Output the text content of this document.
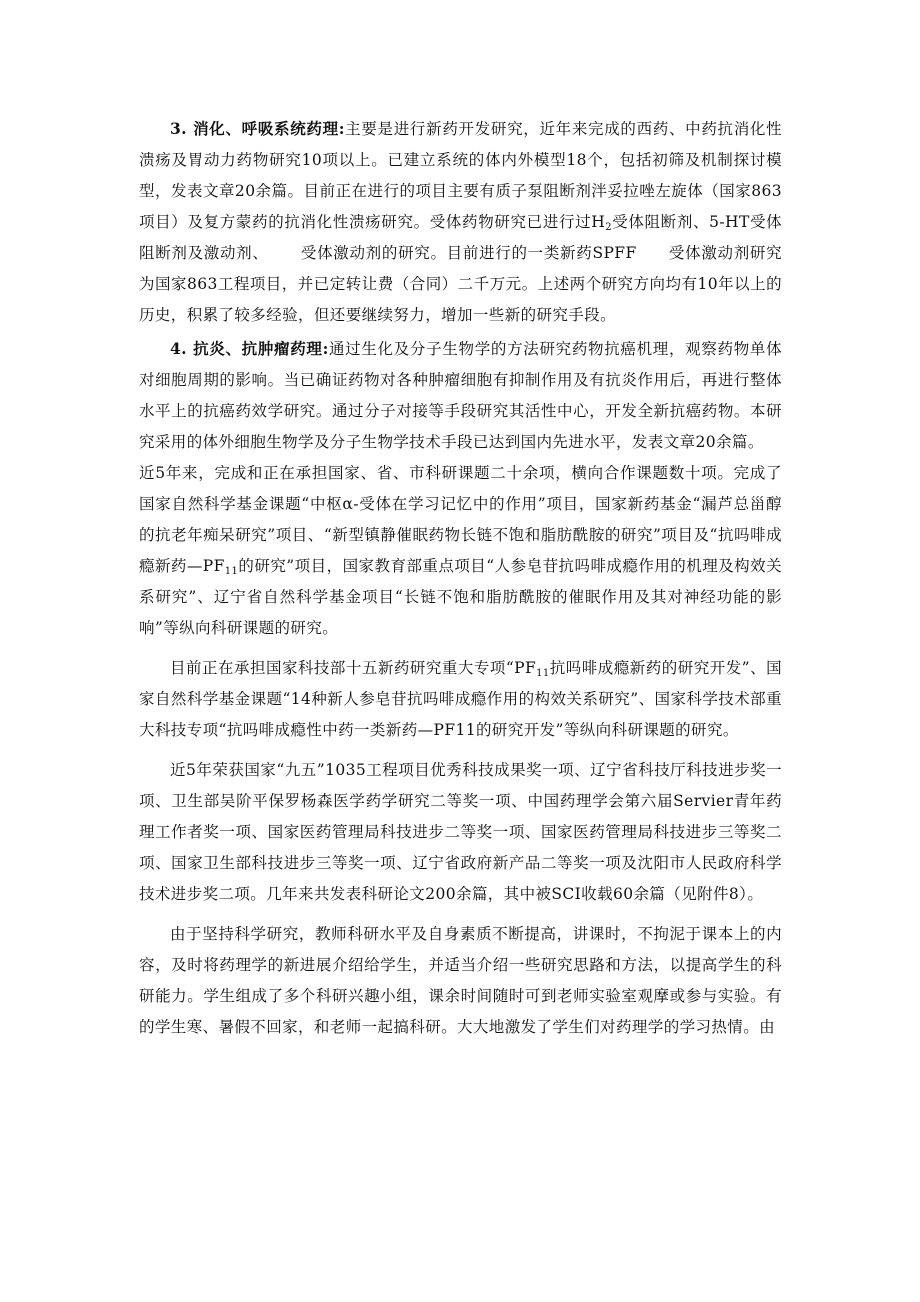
3. 消化、呼吸系统药理:主要是进行新药开发研究，近年来完成的西药、中药抗消化性溃疡及胃动力药物研究10项以上。已建立系统的体内外模型18个，包括初筛及机制探讨模型，发表文章20余篇。目前正在进行的项目主要有质子泵阻断剂泮妥拉唑左旋体（国家863项目）及复方蒙药的抗消化性溃疡研究。受体药物研究已进行过$H_2$受体阻断剂、5-HT受体阻断剂及激动剂、 受体激动剂的研究。目前进行的一类新药SPFF 受体激动剂研究为国家863工程项目，并已定转让费（合同）二千万元。上述两个研究方向均有10年以上的历史，积累了较多经验，但还要继续努力，增加一些新的研究手段。

4. 抗炎、抗肿瘤药理:通过生化及分子生物学的方法研究药物抗癌机理，观察药物单体对细胞周期的影响。当已确证药物对各种肿瘤细胞有抑制作用及有抗炎作用后，再进行整体水平上的抗癌药效学研究。通过分子对接等手段研究其活性中心，开发全新抗癌药物。本研究采用的体外细胞生物学及分子生物学技术手段已达到国内先进水平，发表文章20余篇。

近5年来，完成和正在承担国家、省、市科研课题二十余项，横向合作课题数十项。完成了国家自然科学基金课题“中枢α-受体在学习记忆中的作用”项目，国家新药基金“漏芦总甾醇的抗老年痴呆研究”项目、“新型镇静催眠药物长链不饱和脂肪酰胺的研究”项目及“抗吗啡成瘾新药$—PF_{11}$的研究”项目，国家教育部重点项目“人参皂苷抗吗啡成瘾作用的机理及构效关系研究”、辽宁省自然科学基金项目“长链不饱和脂肪酰胺的催眠作用及其对神经功能的影响”等纵向科研课题的研究。

目前正在承担国家科技部十五新药研究重大专项“$PF_{11}$抗吗啡成瘾新药的研究开发”、国家自然科学基金课题“14种新人参皂苷抗吗啡成瘾作用的构效关系研究”、国家科学技术部重大科技专项“抗吗啡成瘾性中药一类新药—PF11的研究开发”等纵向科研课题的研究。

近5年荣获国家“九五”1035工程项目优秀科技成果奖一项、辽宁省科技厅科技进步奖一项、卫生部吴阶平保罗杨森医学药学研究二等奖一项、中国药理学会第六届Servier青年药理工作者奖一项、国家医药管理局科技进步二等奖一项、国家医药管理局科技进步三等奖二项、国家卫生部科技进步三等奖一项、辽宁省政府新产品二等奖一项及沈阳市人民政府科学技术进步奖二项。几年来共发表科研论文200余篇，其中被SCI收载60余篇（见附件8）。

由于坚持科学研究，教师科研水平及自身素质不断提高，讲课时，不拘泥于课本上的内容，及时将药理学的新进展介绍给学生，并适当介绍一些研究思路和方法，以提高学生的科研能力。学生组成了多个科研兴趣小组，课余时间随时可到老师实验室观摩或参与实验。有的学生寒、暑假不回家，和老师一起搞科研。大大地激发了学生们对药理学的学习热情。由
